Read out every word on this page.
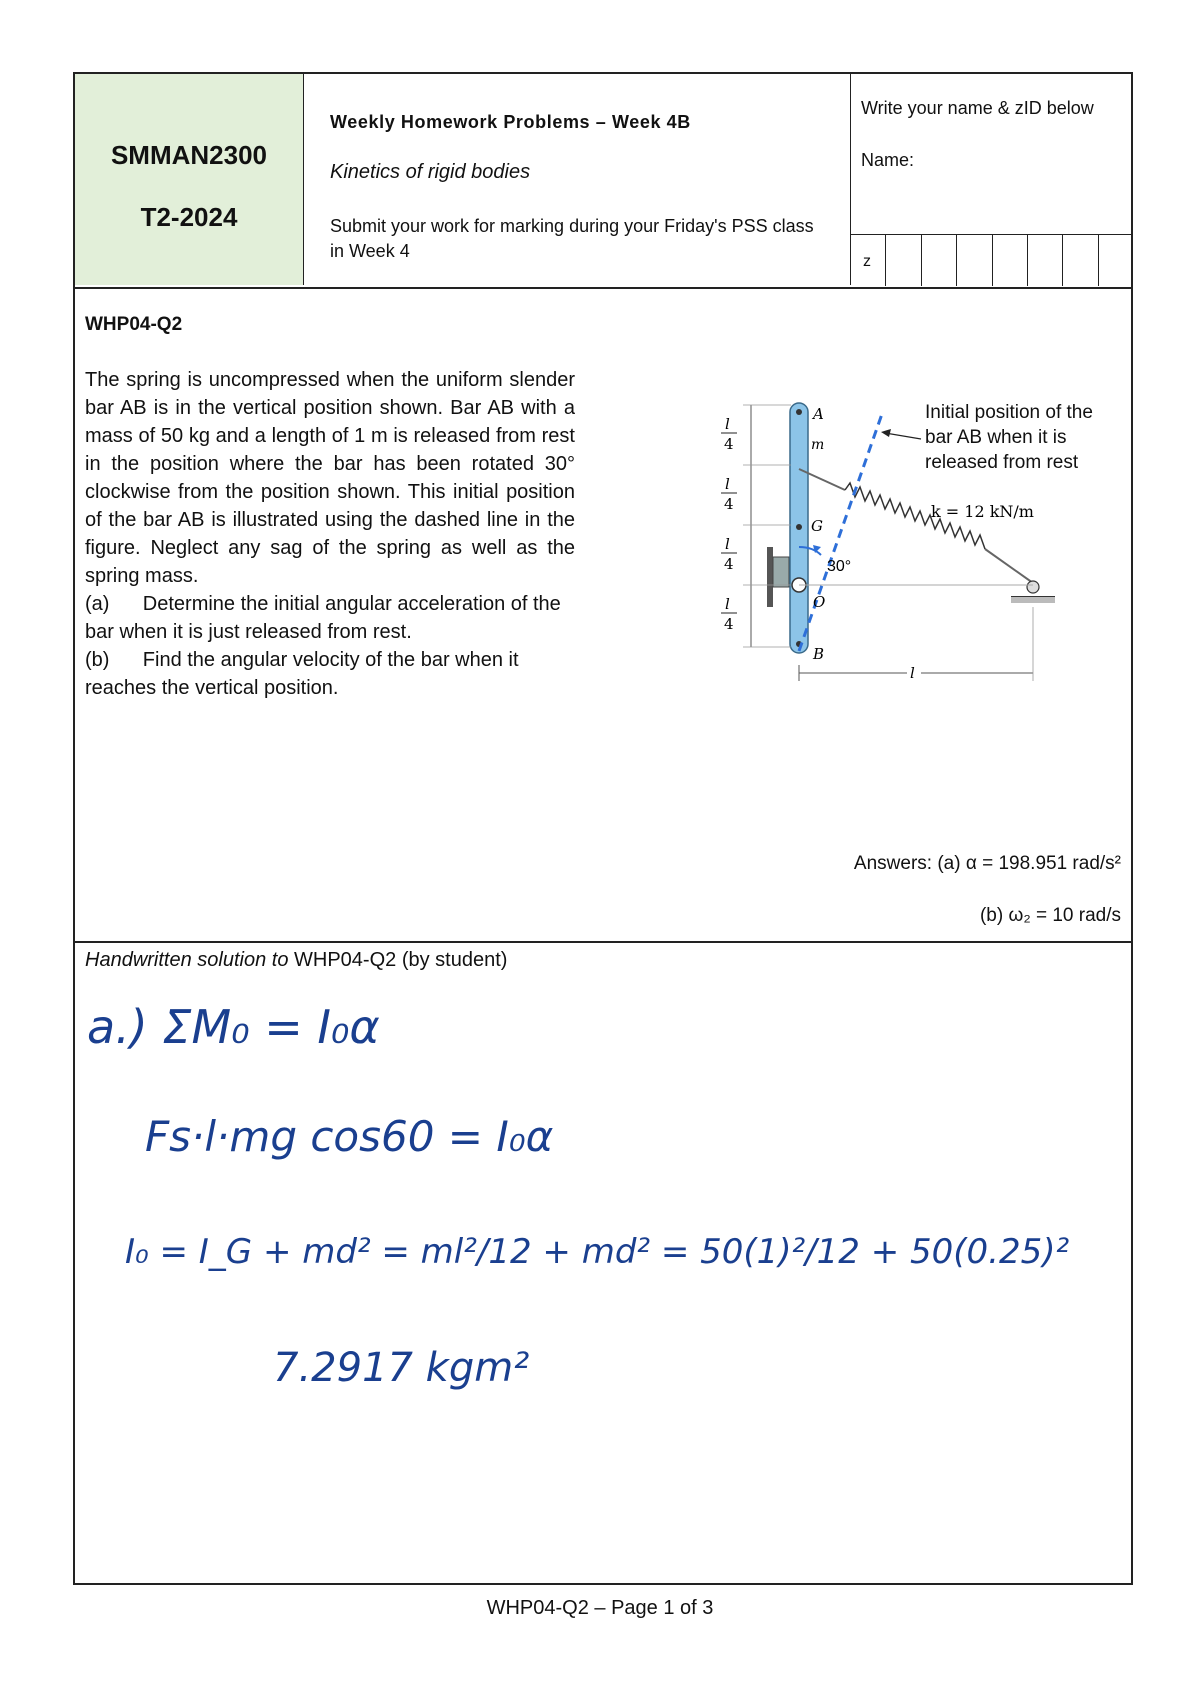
SMMAN2300
T2-2024
Weekly Homework Problems – Week 4B
Kinetics of rigid bodies
Submit your work for marking during your Friday's PSS class in Week 4
Write your name & zID below
Name:
z
WHP04-Q2

The spring is uncompressed when the uniform slender bar AB is in the vertical position shown. Bar AB with a mass of 50 kg and a length of 1 m is released from rest in the position where the bar has been rotated 30° clockwise from the position shown. This initial position of the bar AB is illustrated using the dashed line in the figure. Neglect any sag of the spring as well as the spring mass.

(a)      Determine the initial angular acceleration of the bar when it is just released from rest.

(b)      Find the angular velocity of the bar when it reaches the vertical position.

l
4
l
4
l
4
l
4
A
m
G
O
B
30°
k = 12 kN/m
l
Initial position of the bar AB when it is released from rest
Answers: (a) α = 198.951 rad/s²
(b) ω₂ = 10 rad/s
Handwritten solution to WHP04-Q2 (by student)
a.) ΣM₀ = I₀α
Fs·l·mg cos60 = I₀α
I₀ = I_G + md² = ml²/12 + md² = 50(1)²/12 + 50(0.25)²
7.2917 kgm²
WHP04-Q2 – Page 1 of 3
